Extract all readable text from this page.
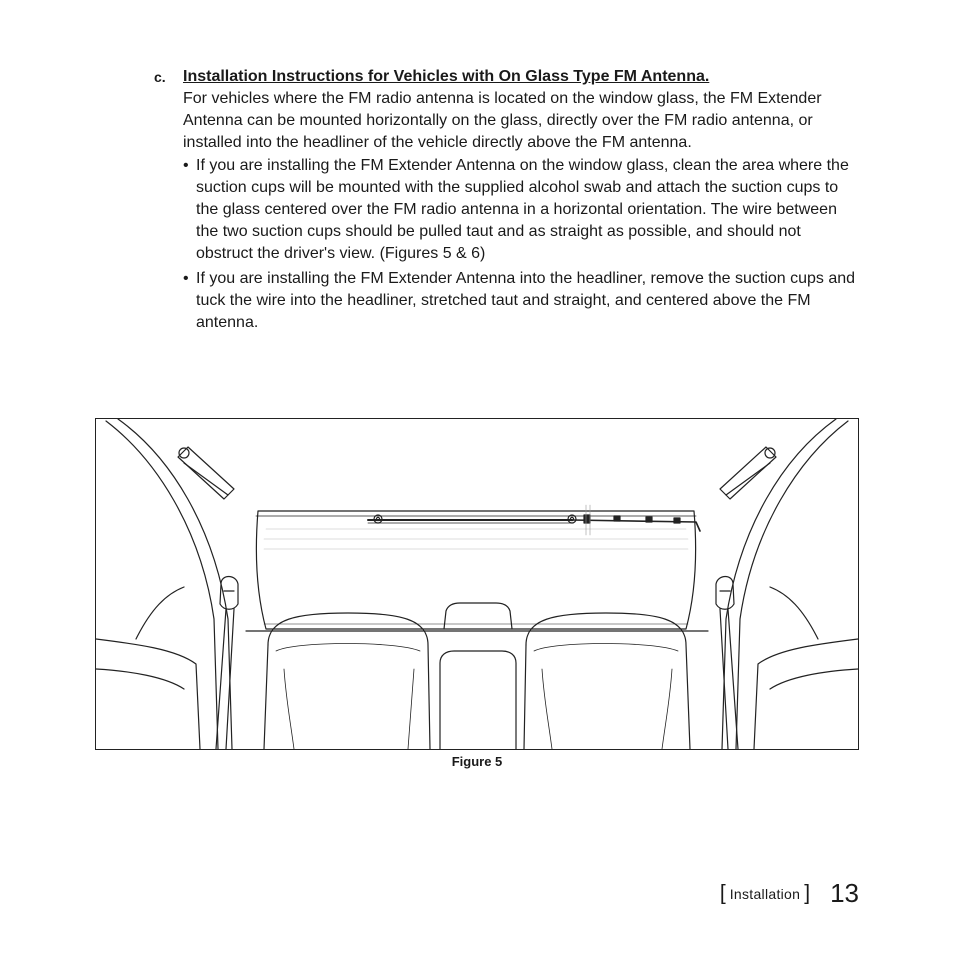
c. Installation Instructions for Vehicles with On Glass Type FM Antenna.

For vehicles where the FM radio antenna is located on the window glass, the FM Extender Antenna can be mounted horizontally on the glass, directly over the FM radio antenna, or installed into the headliner of the vehicle directly above the FM antenna.

• If you are installing the FM Extender Antenna on the window glass, clean the area where the suction cups will be mounted with the supplied alcohol swab and attach the suction cups to the glass centered over the FM radio antenna in a horizontal orientation. The wire between the two suction cups should be pulled taut and as straight as possible, and should not obstruct the driver's view. (Figures 5 & 6)
• If you are installing the FM Extender Antenna into the headliner, remove the suction cups and tuck the wire into the headliner, stretched taut and straight, and centered above the FM antenna.
Figure 5
[ Installation ] 13
